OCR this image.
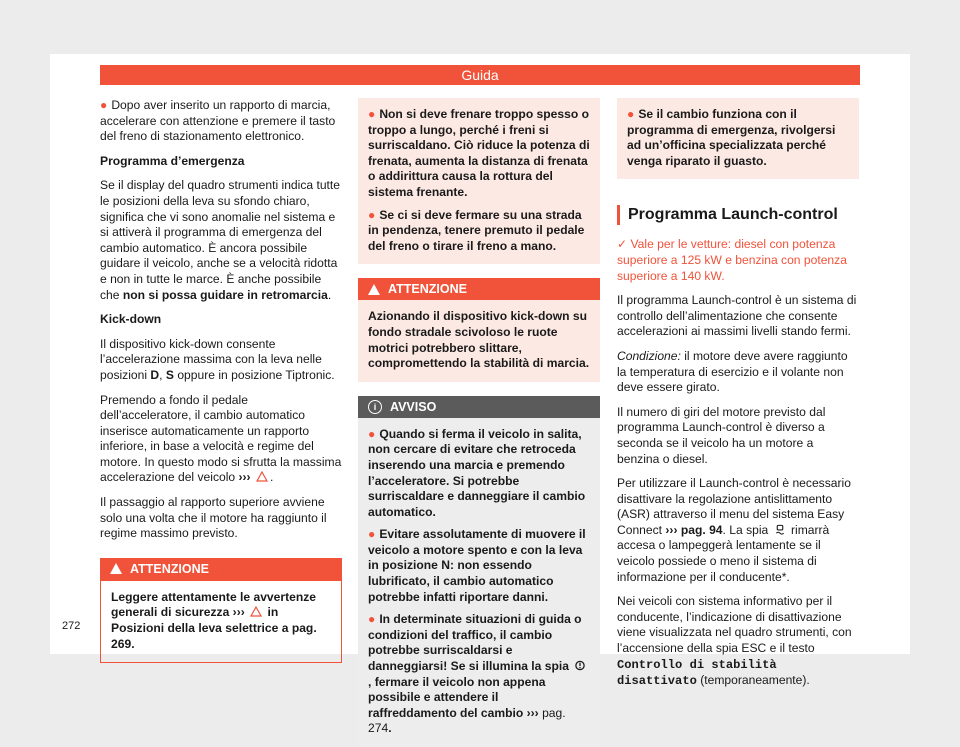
Guida

● Dopo aver inserito un rapporto di marcia, accelerare con attenzione e premere il tasto del freno di stazionamento elettronico.

Programma d’emergenza

Se il display del quadro strumenti indica tutte le posizioni della leva su sfondo chiaro, significa che vi sono anomalie nel sistema e si attiverà il programma di emergenza del cambio automatico. È ancora possibile guidare il veicolo, anche se a velocità ridotta e non in tutte le marce. È anche possibile che non si possa guidare in retromarcia.

Kick-down

Il dispositivo kick-down consente l’accelerazione massima con la leva nelle posizioni D, S oppure in posizione Tiptronic.

Premendo a fondo il pedale dell’acceleratore, il cambio automatico inserisce automaticamente un rapporto inferiore, in base a velocità e regime del motore. In questo modo si sfrutta la massima accelerazione del veicolo ››› .

Il passaggio al rapporto superiore avviene solo una volta che il motore ha raggiunto il regime massimo previsto.

ATTENZIONE
Leggere attentamente le avvertenze generali di sicurezza ›››  in Posizioni della leva selettrice a pag. 269.
● Non si deve frenare troppo spesso o troppo a lungo, perché i freni si surriscaldano. Ciò riduce la potenza di frenata, aumenta la distanza di frenata o addirittura causa la rottura del sistema frenante.
● Se ci si deve fermare su una strada in pendenza, tenere premuto il pedale del freno o tirare il freno a mano.
ATTENZIONE
Azionando il dispositivo kick-down su fondo stradale scivoloso le ruote motrici potrebbero slittare, compromettendo la stabilità di marcia.
i	AVVISO
● Quando si ferma il veicolo in salita, non cercare di evitare che retroceda inserendo una marcia e premendo l’acceleratore. Si potrebbe surriscaldare e danneggiare il cambio automatico.
● Evitare assolutamente di muovere il veicolo a motore spento e con la leva in posizione N: non essendo lubrificato, il cambio automatico potrebbe infatti riportare danni.
● In determinate situazioni di guida o condizioni del traffico, il cambio potrebbe surriscaldarsi e danneggiarsi! Se si illumina la spia , fermare il veicolo non appena possibile e attendere il raffreddamento del cambio ››› pag. 274.
● Se il cambio funziona con il programma di emergenza, rivolgersi ad un’officina specializzata perché venga riparato il guasto.
Programma Launch-control

✓ Vale per le vetture: diesel con potenza superiore a 125 kW e benzina con potenza superiore a 140 kW.

Il programma Launch-control è un sistema di controllo dell’alimentazione che consente accelerazioni ai massimi livelli stando fermi.

Condizione: il motore deve avere raggiunto la temperatura di esercizio e il volante non deve essere girato.

Il numero di giri del motore previsto dal programma Launch-control è diverso a seconda se il veicolo ha un motore a benzina o diesel.

Per utilizzare il Launch-control è necessario disattivare la regolazione antislittamento (ASR) attraverso il menu del sistema Easy Connect ››› pag. 94. La spia  rimarrà accesa o lampeggerà lentamente se il veicolo possiede o meno il sistema di informazione per il conducente*.

Nei veicoli con sistema informativo per il conducente, l’indicazione di disattivazione viene visualizzata nel quadro strumenti, con l’accensione della spia ESC e il testo Controllo di stabilità disattivato (temporaneamente).

272
